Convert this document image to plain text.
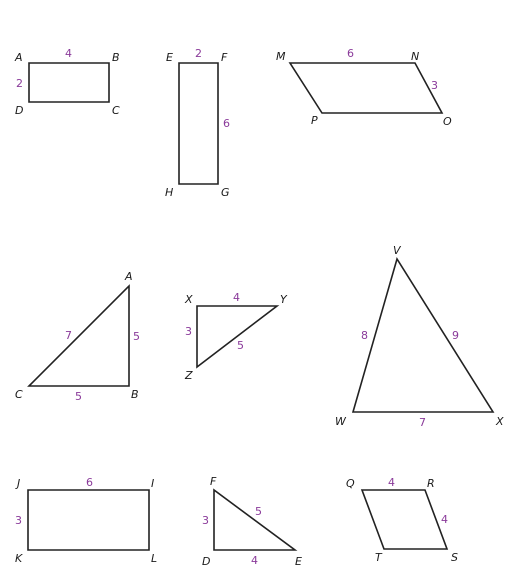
A	B
C
D
4
2
E	F
G
H
2
6
M	N
O
P
6
3
A
B
C
7	5
5
X	Y
Z
4
3
5
V
W	X
8	9
7
J	I
L
K
6
3
F
D	E
3
5
4
Q	R
S
T
4
4
